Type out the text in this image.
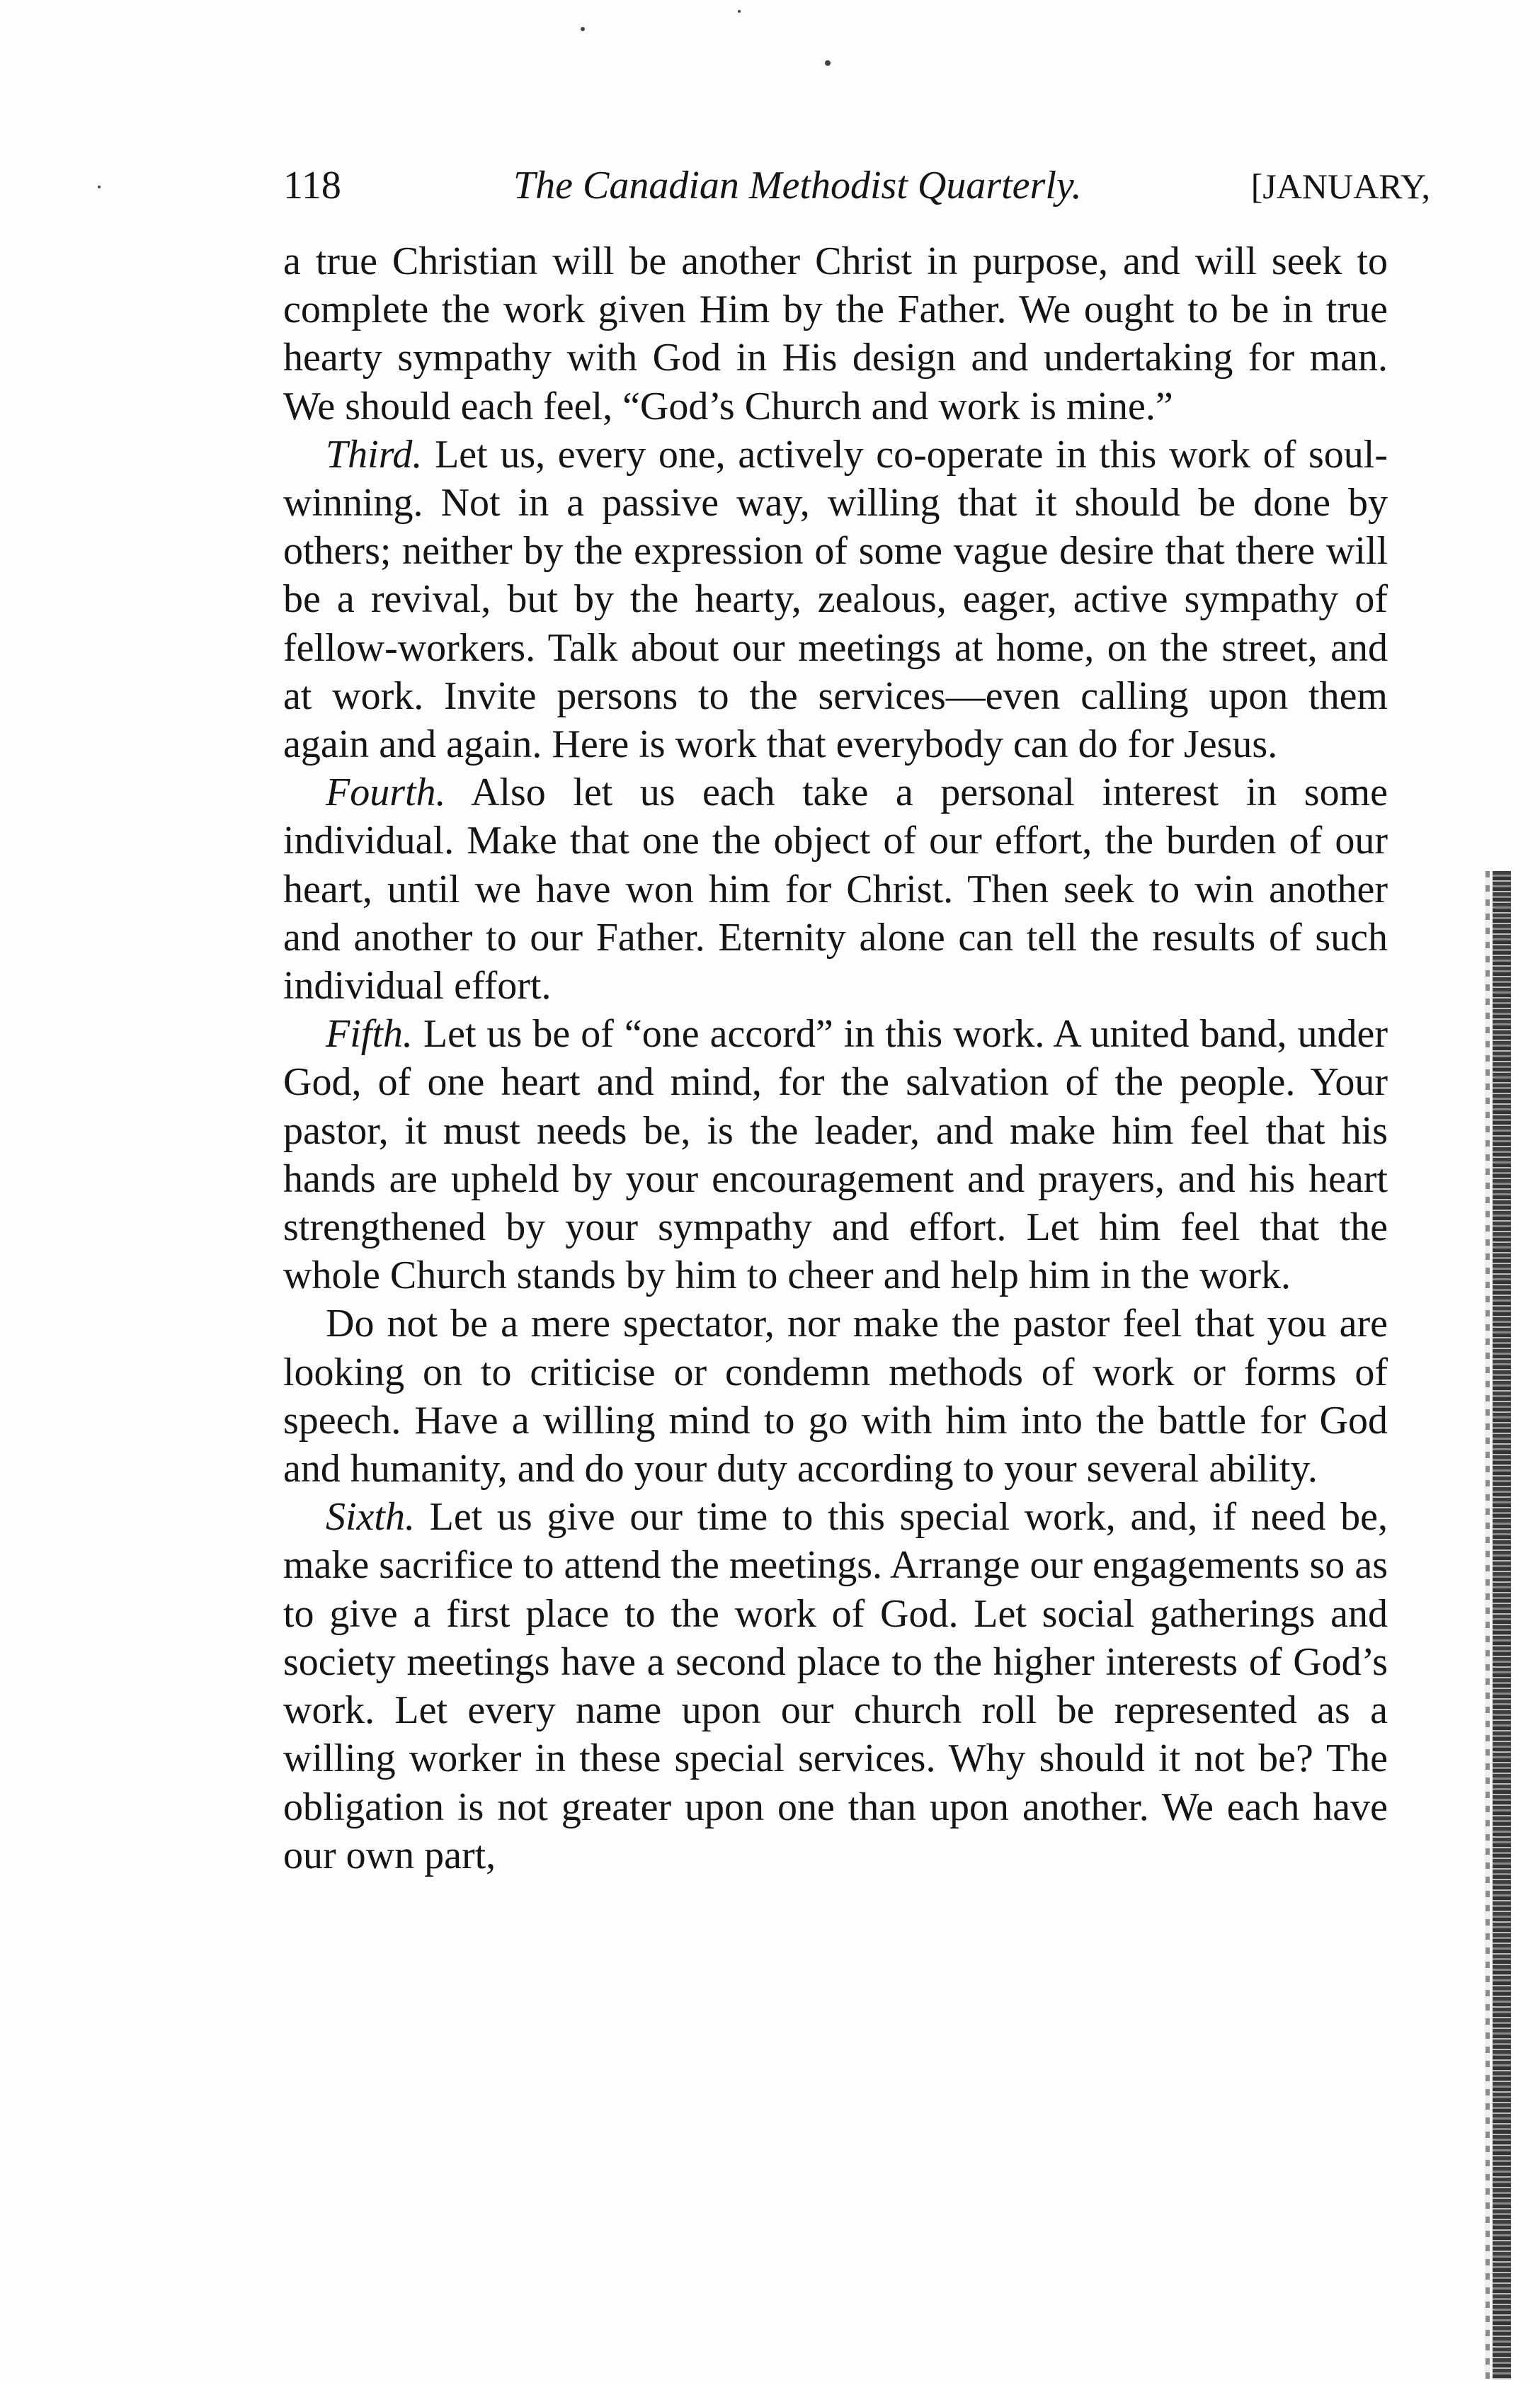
118	The Canadian Methodist Quarterly.	[JANUARY,

a true Christian will be another Christ in purpose, and will seek to complete the work given Him by the Father. We ought to be in true hearty sympathy with God in His design and undertaking for man. We should each feel, “God’s Church and work is mine.”

Third. Let us, every one, actively co-operate in this work of soul-winning. Not in a passive way, willing that it should be done by others; neither by the expression of some vague desire that there will be a revival, but by the hearty, zealous, eager, active sympathy of fellow-workers. Talk about our meetings at home, on the street, and at work. Invite persons to the services—even calling upon them again and again. Here is work that everybody can do for Jesus.

Fourth. Also let us each take a personal interest in some individual. Make that one the object of our effort, the burden of our heart, until we have won him for Christ. Then seek to win another and another to our Father. Eternity alone can tell the results of such individual effort.

Fifth. Let us be of “one accord” in this work. A united band, under God, of one heart and mind, for the salvation of the people. Your pastor, it must needs be, is the leader, and make him feel that his hands are upheld by your encouragement and prayers, and his heart strengthened by your sympathy and effort. Let him feel that the whole Church stands by him to cheer and help him in the work.

Do not be a mere spectator, nor make the pastor feel that you are looking on to criticise or condemn methods of work or forms of speech. Have a willing mind to go with him into the battle for God and humanity, and do your duty according to your several ability.

Sixth. Let us give our time to this special work, and, if need be, make sacrifice to attend the meetings. Arrange our engagements so as to give a first place to the work of God. Let social gatherings and society meetings have a second place to the higher interests of God’s work. Let every name upon our church roll be represented as a willing worker in these special services. Why should it not be? The obligation is not greater upon one than upon another. We each have our own part,
